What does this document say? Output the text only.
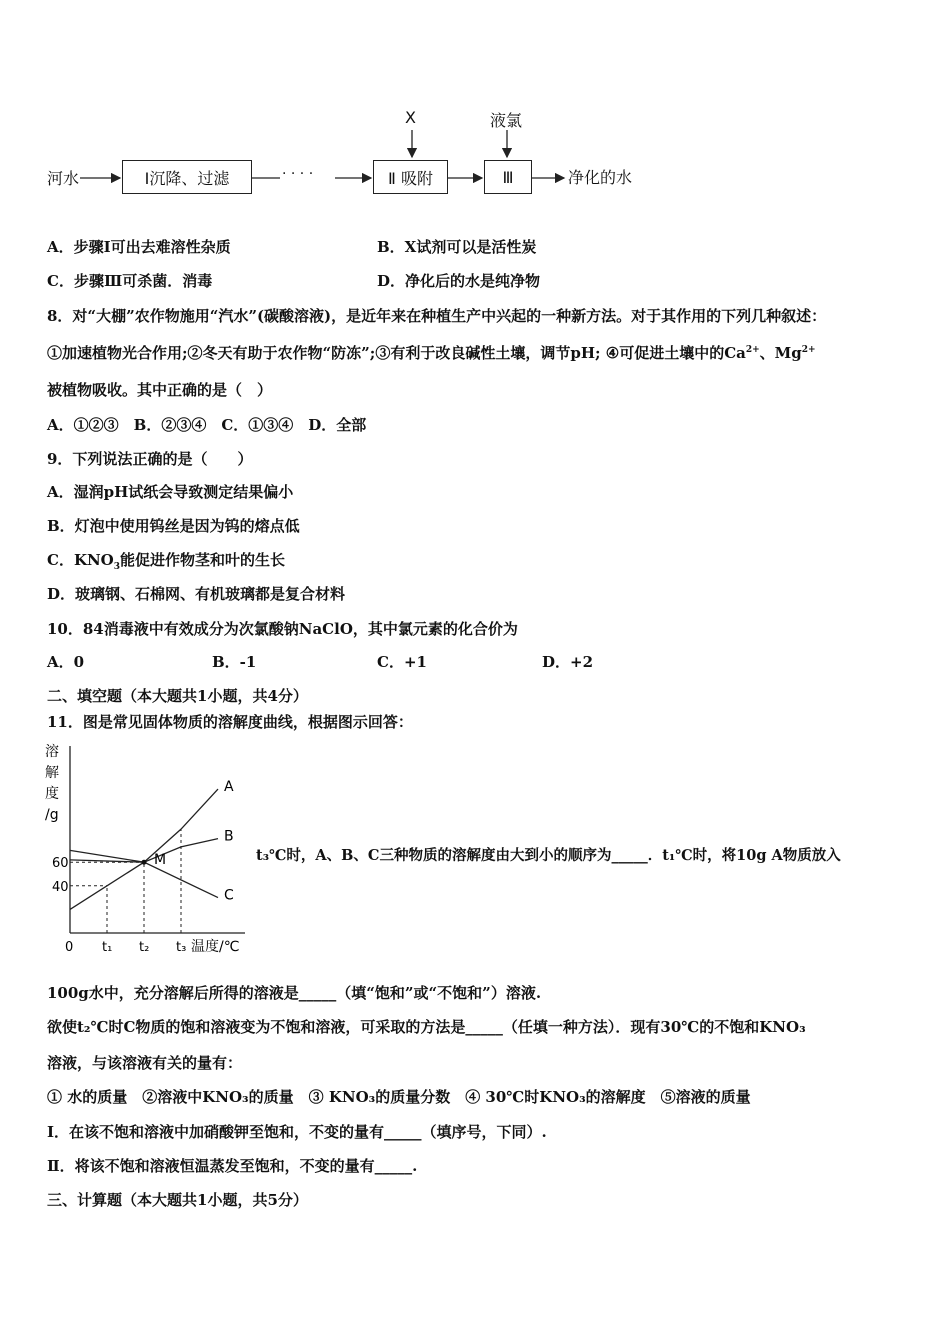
河水	Ⅰ沉降、过滤	· · · ·	Ⅱ 吸附	Ⅲ
X	液氯
净化的水
A．步骤Ⅰ可出去难溶性杂质	B．X试剂可以是活性炭
C．步骤Ⅲ可杀菌．消毒	D．净化后的水是纯净物
8．对“大棚”农作物施用“汽水”(碳酸溶液)，是近年来在种植生产中兴起的一种新方法。对于其作用的下列几种叙述：
①加速植物光合作用;②冬天有助于农作物“防冻”;③有利于改良碱性土壤，调节pH; ④可促进土壤中的$Ca^{2+}$、$Mg^{2+}$
被植物吸收。其中正确的是（　）
A．①②③　B．②③④　C．①③④　D．全部
9．下列说法正确的是（　　）
A．湿润pH试纸会导致测定结果偏小
B．灯泡中使用钨丝是因为钨的熔点低
C．$KNO_3$能促进作物茎和叶的生长
D．玻璃钢、石棉网、有机玻璃都是复合材料
10．84消毒液中有效成分为次氯酸钠NaClO，其中氯元素的化合价为
A．0	B．-1	C．+1	D．+2
二、填空题（本大题共1小题，共4分）
11．图是常见固体物质的溶解度曲线，根据图示回答：
溶
解
度
/g
60
40
0 t₁ t₂ t₃ 温度/℃
A
B
C
M	t₃℃时，A、B、C三种物质的溶解度由大到小的顺序为_____．t₁℃时，将10g A物质放入
100g水中，充分溶解后所得的溶液是_____（填“饱和”或“不饱和”）溶液.
欲使t₂℃时C物质的饱和溶液变为不饱和溶液，可采取的方法是_____（任填一种方法）．现有30℃的不饱和KNO₃
溶液，与该溶液有关的量有：
① 水的质量　②溶液中KNO₃的质量　③ KNO₃的质量分数　④ 30℃时KNO₃的溶解度　⑤溶液的质量
Ⅰ．在该不饱和溶液中加硝酸钾至饱和，不变的量有_____（填序号，下同）.
Ⅱ．将该不饱和溶液恒温蒸发至饱和，不变的量有_____.
三、计算题（本大题共1小题，共5分）
